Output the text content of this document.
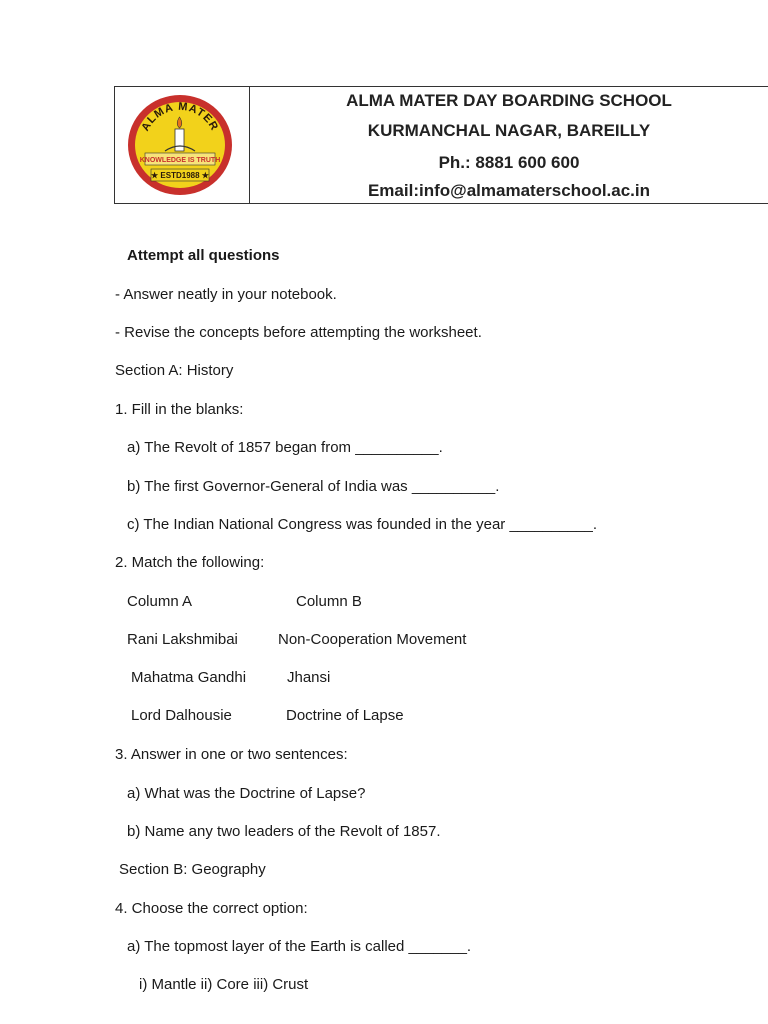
ALMA MATER
KNOWLEDGE IS TRUTH
★ ESTD1988 ★
ALMA MATER DAY BOARDING SCHOOL
KURMANCHAL NAGAR, BAREILLY
Ph.: 8881 600 600
Email:info@almamaterschool.ac.in
Attempt all questions
- Answer neatly in your notebook.
- Revise the concepts before attempting the worksheet.
Section A: History
1. Fill in the blanks:
a) The Revolt of 1857 began from __________.
b) The first Governor-General of India was __________.
c) The Indian National Congress was founded in the year __________.
2. Match the following:
Column A	Column B
Rani Lakshmibai	Non-Cooperation Movement
Mahatma Gandhi	Jhansi
Lord Dalhousie	Doctrine of Lapse
3. Answer in one or two sentences:
a) What was the Doctrine of Lapse?
b) Name any two leaders of the Revolt of 1857.
Section B: Geography
4. Choose the correct option:
a) The topmost layer of the Earth is called _______.
i) Mantle ii) Core iii) Crust
